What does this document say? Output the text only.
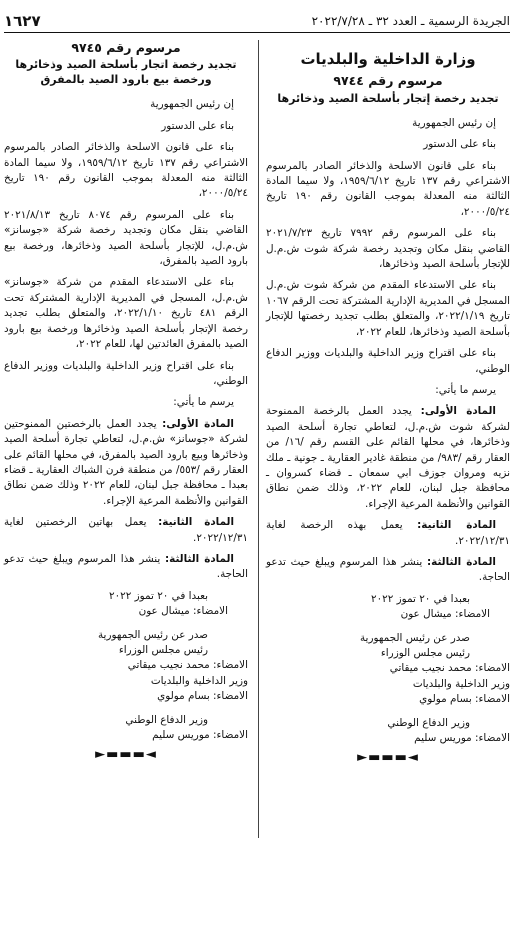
الجريدة الرسمية ـ العدد ٣٢ ـ ٢٠٢٢/٧/٢٨
١٦٢٧
وزارة الداخلية والبلديات
مرسوم رقم ٩٧٤٤
تجديد رخصة إتجار بأسلحة الصيد وذخائرها

إن رئيس الجمهورية

بناء على الدستور

بناء على قانون الاسلحة والذخائر الصادر بالمرسوم الاشتراعي رقم ١٣٧ تاريخ ١٩٥٩/٦/١٢، ولا سيما المادة الثالثة منه المعدلة بموجب القانون رقم ١٩٠ تاريخ ٢٠٠٠/٥/٢٤،

بناء على المرسوم رقم ٧٩٩٢ تاريخ ٢٠٢١/٧/٢٣ القاضي بنقل مكان وتجديد رخصة شركة شوت ش.م.ل للإتجار بأسلحة الصيد وذخائرها،

بناء على الاستدعاء المقدم من شركة شوت ش.م.ل المسجل في المديرية الإدارية المشتركة تحت الرقم ١٠٦٧ تاريخ ٢٠٢٢/١/١٩، والمتعلق بطلب تجديد رخصتها للإتجار بأسلحة الصيد وذخائرها، للعام ٢٠٢٢،

بناء على اقتراح وزير الداخلية والبلديات ووزير الدفاع الوطني،

يرسم ما يأتي:

المادة الأولى: يجدد العمل بالرخصة الممنوحة لشركة شوت ش.م.ل، لتعاطي تجارة أسلحة الصيد وذخائرها، في محلها القائم على القسم رقم /١٦/ من العقار رقم /٩٨٣/ من منطقة غادير العقارية ـ جونية ـ ملك نزيه ومروان جوزف ابي سمعان ـ قضاء كسروان ـ محافظة جبل لبنان، للعام ٢٠٢٢، وذلك ضمن نطاق القوانين والأنظمة المرعية الإجراء.

المادة الثانية: يعمل بهذه الرخصة لغاية ٢٠٢٢/١٢/٣١.

المادة الثالثة: ينشر هذا المرسوم ويبلغ حيث تدعو الحاجة.

بعبدا في ٢٠ تموز ٢٠٢٢

الامضاء: ميشال عون

صدر عن رئيس الجمهورية

رئيس مجلس الوزراء

الامضاء: محمد نجيب ميقاتي

وزير الداخلية والبلديات

الامضاء: بسام مولوي

وزير الدفاع الوطني

الامضاء: موريس سليم

◄▬▬▬►
مرسوم رقم ٩٧٤٥
تجديد رخصة اتجار بأسلحة الصيد وذخائرها
ورخصة بيع بارود الصيد بالمفرق

إن رئيس الجمهورية

بناء على الدستور

بناء على قانون الاسلحة والذخائر الصادر بالمرسوم الاشتراعي رقم ١٣٧ تاريخ ١٩٥٩/٦/١٢، ولا سيما المادة الثالثة منه المعدلة بموجب القانون رقم ١٩٠ تاريخ ٢٠٠٠/٥/٢٤،

بناء على المرسوم رقم ٨٠٧٤ تاريخ ٢٠٢١/٨/١٣ القاضي بنقل مكان وتجديد رخصة شركة «جوسانز» ش.م.ل، للإتجار بأسلحة الصيد وذخائرها، ورخصة بيع بارود الصيد بالمفرق،

بناء على الاستدعاء المقدم من شركة «جوسانز» ش.م.ل، المسجل في المديرية الإدارية المشتركة تحت الرقم ٤٨١ تاريخ ٢٠٢٢/١/١٠، والمتعلق بطلب تجديد رخصة الإتجار بأسلحة الصيد وذخائرها ورخصة بيع بارود الصيد بالمفرق العائدتين لها، للعام ٢٠٢٢،

بناء على اقتراح وزير الداخلية والبلديات ووزير الدفاع الوطني،

يرسم ما يأتي:

المادة الأولى: يجدد العمل بالرخصتين الممنوحتين لشركة «جوسانز» ش.م.ل، لتعاطي تجارة أسلحة الصيد وذخائرها وبيع بارود الصيد بالمفرق، في محلها القائم على العقار رقم /٥٥٣/ من منطقة فرن الشباك العقارية ـ قضاء بعبدا ـ محافظة جبل لبنان، للعام ٢٠٢٢ وذلك ضمن نطاق القوانين والأنظمة المرعية الإجراء.

المادة الثانية: يعمل بهاتين الرخصتين لغاية ٢٠٢٢/١٢/٣١.

المادة الثالثة: ينشر هذا المرسوم ويبلغ حيث تدعو الحاجة.

بعبدا في ٢٠ تموز ٢٠٢٢

الامضاء: ميشال عون

صدر عن رئيس الجمهورية

رئيس مجلس الوزراء

الامضاء: محمد نجيب ميقاتي

وزير الداخلية والبلديات

الامضاء: بسام مولوي

وزير الدفاع الوطني

الامضاء: موريس سليم

◄▬▬▬►
